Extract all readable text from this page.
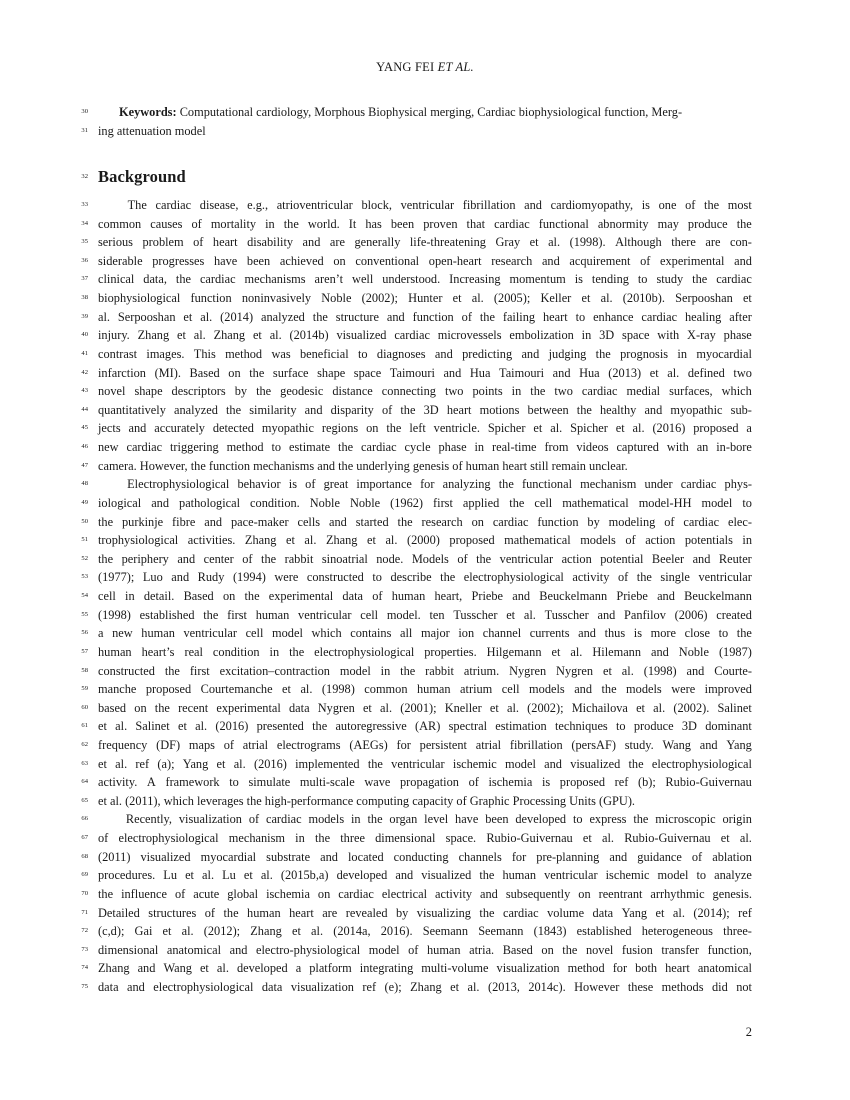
YANG FEI ET AL.
30	Keywords: Computational cardiology, Morphous Biophysical merging, Cardiac biophysiological function, Merg-
31 ing attenuation model
32 Background
33	The cardiac disease, e.g., atrioventricular block, ventricular fibrillation and cardiomyopathy, is one of the most
34 common causes of mortality in the world. It has been proven that cardiac functional abnormity may produce the
35 serious problem of heart disability and are generally life-threatening Gray et al. (1998). Although there are con-
36 siderable progresses have been achieved on conventional open-heart research and acquirement of experimental and
37 clinical data, the cardiac mechanisms aren’t well understood. Increasing momentum is tending to study the cardiac
38 biophysiological function noninvasively Noble (2002); Hunter et al. (2005); Keller et al. (2010b). Serpooshan et
39 al. Serpooshan et al. (2014) analyzed the structure and function of the failing heart to enhance cardiac healing after
40 injury. Zhang et al. Zhang et al. (2014b) visualized cardiac microvessels embolization in 3D space with X-ray phase
41 contrast images. This method was beneficial to diagnoses and predicting and judging the prognosis in myocardial
42 infarction (MI). Based on the surface shape space Taimouri and Hua Taimouri and Hua (2013) et al. defined two
43 novel shape descriptors by the geodesic distance connecting two points in the two cardiac medial surfaces, which
44 quantitatively analyzed the similarity and disparity of the 3D heart motions between the healthy and myopathic sub-
45 jects and accurately detected myopathic regions on the left ventricle. Spicher et al. Spicher et al. (2016) proposed a
46 new cardiac triggering method to estimate the cardiac cycle phase in real-time from videos captured with an in-bore
47 camera. However, the function mechanisms and the underlying genesis of human heart still remain unclear.
48	Electrophysiological behavior is of great importance for analyzing the functional mechanism under cardiac phys-
49 iological and pathological condition. Noble Noble (1962) first applied the cell mathematical model-HH model to
50 the purkinje fibre and pace-maker cells and started the research on cardiac function by modeling of cardiac elec-
51 trophysiological activities. Zhang et al. Zhang et al. (2000) proposed mathematical models of action potentials in
52 the periphery and center of the rabbit sinoatrial node. Models of the ventricular action potential Beeler and Reuter
53 (1977); Luo and Rudy (1994) were constructed to describe the electrophysiological activity of the single ventricular
54 cell in detail. Based on the experimental data of human heart, Priebe and Beuckelmann Priebe and Beuckelmann
55 (1998) established the first human ventricular cell model. ten Tusscher et al. Tusscher and Panfilov (2006) created
56 a new human ventricular cell model which contains all major ion channel currents and thus is more close to the
57 human heart’s real condition in the electrophysiological properties. Hilgemann et al. Hilemann and Noble (1987)
58 constructed the first excitation–contraction model in the rabbit atrium. Nygren Nygren et al. (1998) and Courte-
59 manche proposed Courtemanche et al. (1998) common human atrium cell models and the models were improved
60 based on the recent experimental data Nygren et al. (2001); Kneller et al. (2002); Michailova et al. (2002). Salinet
61 et al. Salinet et al. (2016) presented the autoregressive (AR) spectral estimation techniques to produce 3D dominant
62 frequency (DF) maps of atrial electrograms (AEGs) for persistent atrial fibrillation (persAF) study. Wang and Yang
63 et al. ref (a); Yang et al. (2016) implemented the ventricular ischemic model and visualized the electrophysiological
64 activity. A framework to simulate multi-scale wave propagation of ischemia is proposed ref (b); Rubio-Guivernau
65 et al. (2011), which leverages the high-performance computing capacity of Graphic Processing Units (GPU).
66	Recently, visualization of cardiac models in the organ level have been developed to express the microscopic origin
67 of electrophysiological mechanism in the three dimensional space. Rubio-Guivernau et al. Rubio-Guivernau et al.
68 (2011) visualized myocardial substrate and located conducting channels for pre-planning and guidance of ablation
69 procedures. Lu et al. Lu et al. (2015b,a) developed and visualized the human ventricular ischemic model to analyze
70 the influence of acute global ischemia on cardiac electrical activity and subsequently on reentrant arrhythmic genesis.
71 Detailed structures of the human heart are revealed by visualizing the cardiac volume data Yang et al. (2014); ref
72 (c,d); Gai et al. (2012); Zhang et al. (2014a, 2016). Seemann Seemann (1843) established heterogeneous three-
73 dimensional anatomical and electro-physiological model of human atria. Based on the novel fusion transfer function,
74 Zhang and Wang et al. developed a platform integrating multi-volume visualization method for both heart anatomical
75 data and electrophysiological data visualization ref (e); Zhang et al. (2013, 2014c). However these methods did not
2
